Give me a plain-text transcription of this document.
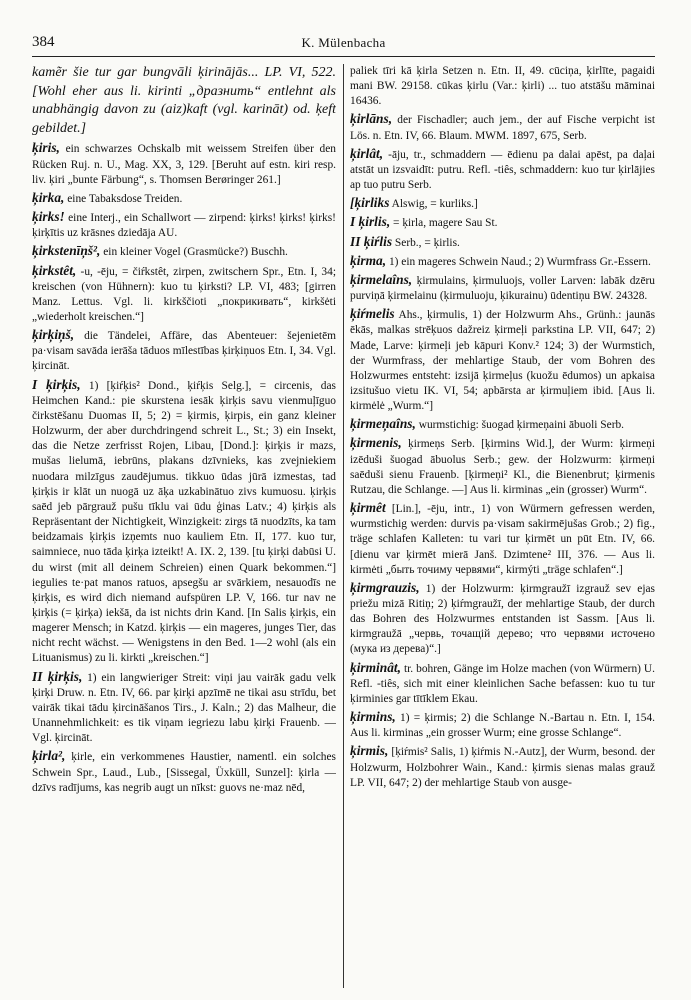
384	K. Mülenbacha

kamẽr šie tur gar bungvāli ķirinājās... LP. VI, 522. [Wohl eher aus li. kirinti „дразнить“ entlehnt als unabhängig davon zu (aiz)kaft (vgl. karināt) od. ķeft gebildet.]

ķiris, ein schwarzes Ochskalb mit weissem Streifen über den Rücken Ruj. n. U., Mag. XX, 3, 129. [Beruht auf estn. kiri resp. liv. ķiri „bunte Färbung“, s. Thomsen Berøringer 261.]

ķirka, eine Tabaksdose Treiden.

ķirks! eine Interj., ein Schallwort — zirpend: ķirks! ķirks! ķirks! ķirķītis uz krāsnes dziedāja AU.

ķirkstenīņš², ein kleiner Vogel (Grasmücke?) Buschh.

ķirkstêt, -u, -ēju, = čiŕkstêt, zirpen, zwitschern Spr., Etn. I, 34; kreischen (von Hühnern): kuo tu ķirksti? LP. VI, 483; [girren Manz. Lettus. Vgl. li. kirkščioti „покрикивать“, kirkšėti „wiederholt kreischen.“]

ķirķiņš, die Tändelei, Affäre, das Abenteuer: šejenietēm pa·visam savāda ierāša tāduos mīlestības ķirķiņuos Etn. I, 34. Vgl. ķircināt.

I ķirķis, 1) [ķiŕķis² Dond., ķiŕķis Selg.], = circenis, das Heimchen Kand.: pie skurstena iesāk ķirķis savu vienmuļīguo čirkstēšanu Duomas II, 5; 2) = ķirmis, ķirpis, ein ganz kleiner Holzwurm, der aber durchdringend schreit L., St.; 3) ein Insekt, das die Netze zerfrisst Rojen, Libau, [Dond.]: ķirķis ir mazs, mušas lielumā, iebrūns, plakans dzīvnieks, kas zvejniekiem nuodara milzīgus zaudējumus. tikkuo ūdas jūrā izmestas, tad ķirķis ir klāt un nuogā uz āķa uzkabinātuo zivs kumuosu. ķirķis saēd jeb pārgrauž pušu tīklu vai ūdu ģinas Latv.; 4) ķirķis als Repräsentant der Nichtigkeit, Winzigkeit: zirgs tā nuodzīts, ka tam beidzamais ķirķis izņemts nuo kauliem Etn. II, 177. kuo tur, saimniece, nuo tāda ķirķa izteikt! A. IX. 2, 139. [tu ķirķi dabūsi U. du wirst (mit all deinem Schreien) einen Quark bekommen.“] iegulies te·pat manos ratuos, apsegšu ar svārkiem, nesauodīs ne ķirķis, es wird dich niemand aufspüren LP. V, 166. tur nav ne ķirķis (= ķirķa) iekšā, da ist nichts drin Kand. [In Salis ķirķis, ein magerer Mensch; in Katzd. ķirķis — ein mageres, junges Tier, das nicht recht wächst. — Wenigstens in den Bed. 1—2 wohl (als ein Lituanismus) zu li. kirkti „kreischen.“]

II ķirķis, 1) ein langwieriger Streit: viņi jau vairāk gadu velk ķirķi Druw. n. Etn. IV, 66. par ķirķi apzīmē ne tikai asu strīdu, bet vairāk tikai tādu ķircināšanos Tirs., J. Kaln.; 2) das Malheur, die Unannehmlichkeit: es tik viņam iegriezu labu ķirķi Frauenb. — Vgl. ķircināt.

ķirla², ķirle, ein verkommenes Haustier, namentl. ein solches Schwein Spr., Laud., Lub., [Sissegal, Üxküll, Sunzel]: ķirla — dzīvs radījums, kas negrib augt un nīkst: guovs ne·maz nēd,

paliek tīri kā ķirla Setzen n. Etn. II, 49. cūciņa, ķirlīte, pagaidi mani BW. 29158. cūkas ķirlu (Var.: ķirli) ... tuo atstāšu māminai 16436.

ķirlāns, der Fischadler; auch jem., der auf Fische verpicht ist Lös. n. Etn. IV, 66. Blaum. MWM. 1897, 675, Serb.

ķirlât, -āju, tr., schmaddern — ēdienu pa dalai apēst, pa daļai atstāt un izsvaidīt: putru. Refl. -tiês, schmaddern: kuo tur ķirlājies ap tuo putru Serb.

[ķirliks Alswig, = kurliks.]

I ķirlis, = ķirla, magere Sau St.

II ķiŕlis Serb., = ķirlis.

ķirma, 1) ein mageres Schwein Naud.; 2) Wurmfrass Gr.-Essern.

ķirmelaîns, ķirmulains, ķirmuluojs, voller Larven: labāk dzēru purviņā ķirmelainu (ķirmuluoju, ķikurainu) ūdentiņu BW. 24328.

ķiŕmelis Ahs., ķirmulis, 1) der Holzwurm Ahs., Grünh.: jaunās ēkās, malkas strēķuos dažreiz ķirmeļi parkstina LP. VII, 647; 2) Made, Larve: ķirmeļi jeb kāpuri Konv.² 124; 3) der Wurmstich, der Wurmfrass, der mehlartige Staub, der vom Bohren des Holzwurmes entsteht: izsijā ķirmeļus (kuožu ēdumos) un apkaisa izsitušuo vietu IK. VI, 54; apbārsta ar ķirmuļiem ibid. [Aus li. kirmėlė „Wurm.“]

ķirmeņaîns, wurmstichig: šuogad ķirmeņaini ābuoli Serb.

ķirmenis, ķirmeņs Serb. [ķirmins Wid.], der Wurm: ķirmeņi izēduši šuogad ābuolus Serb.; gew. der Holzwurm: ķirmeņi saēduši sienu Frauenb. [ķirmeņi² Kl., die Bienenbrut; ķirmenis Rutzau, die Schlange. —] Aus li. kirminas „ein (grosser) Wurm“.

ķirmêt [Lin.], -ēju, intr., 1) von Würmern gefressen werden, wurmstichig werden: durvis pa·visam sakirmējušas Grob.; 2) fig., träge schlafen Kalleten: tu vari tur ķirmēt un pūt Etn. IV, 66. [dienu var ķirmēt mierā Janš. Dzimtene² III, 376. — Aus li. kirmėti „быть точиму червями“, kirmýti „träge schlafen“.]

ķirmgrauzis, 1) der Holzwurm: ķirmgraužī izgrauž sev ejas priežu mizā Ritiņ; 2) ķiŕmgraužī, der mehlartige Staub, der durch das Bohren des Holzwurmes entstanden ist Sassm. [Aus li. kirmgraužā „червь, точащiй дерево; что червями источено (мука из дерева)“.]

ķirminât, tr. bohren, Gänge im Holze machen (von Würmern) U. Refl. -tiês, sich mit einer kleinlichen Sache befassen: kuo tu tur ķirminies gar tītīklem Ekau.

ķirmins, 1) = ķirmis; 2) die Schlange N.-Bartau n. Etn. I, 154. Aus li. kirminas „ein grosser Wurm; eine grosse Schlange“.

ķirmis, [ķiŕmis² Salis, 1) ķiŕmis N.-Autz], der Wurm, besond. der Holzwurm, Holzbohrer Wain., Kand.: ķirmis sienas malas grauž LP. VII, 647; 2) der mehlartige Staub von ausge-
